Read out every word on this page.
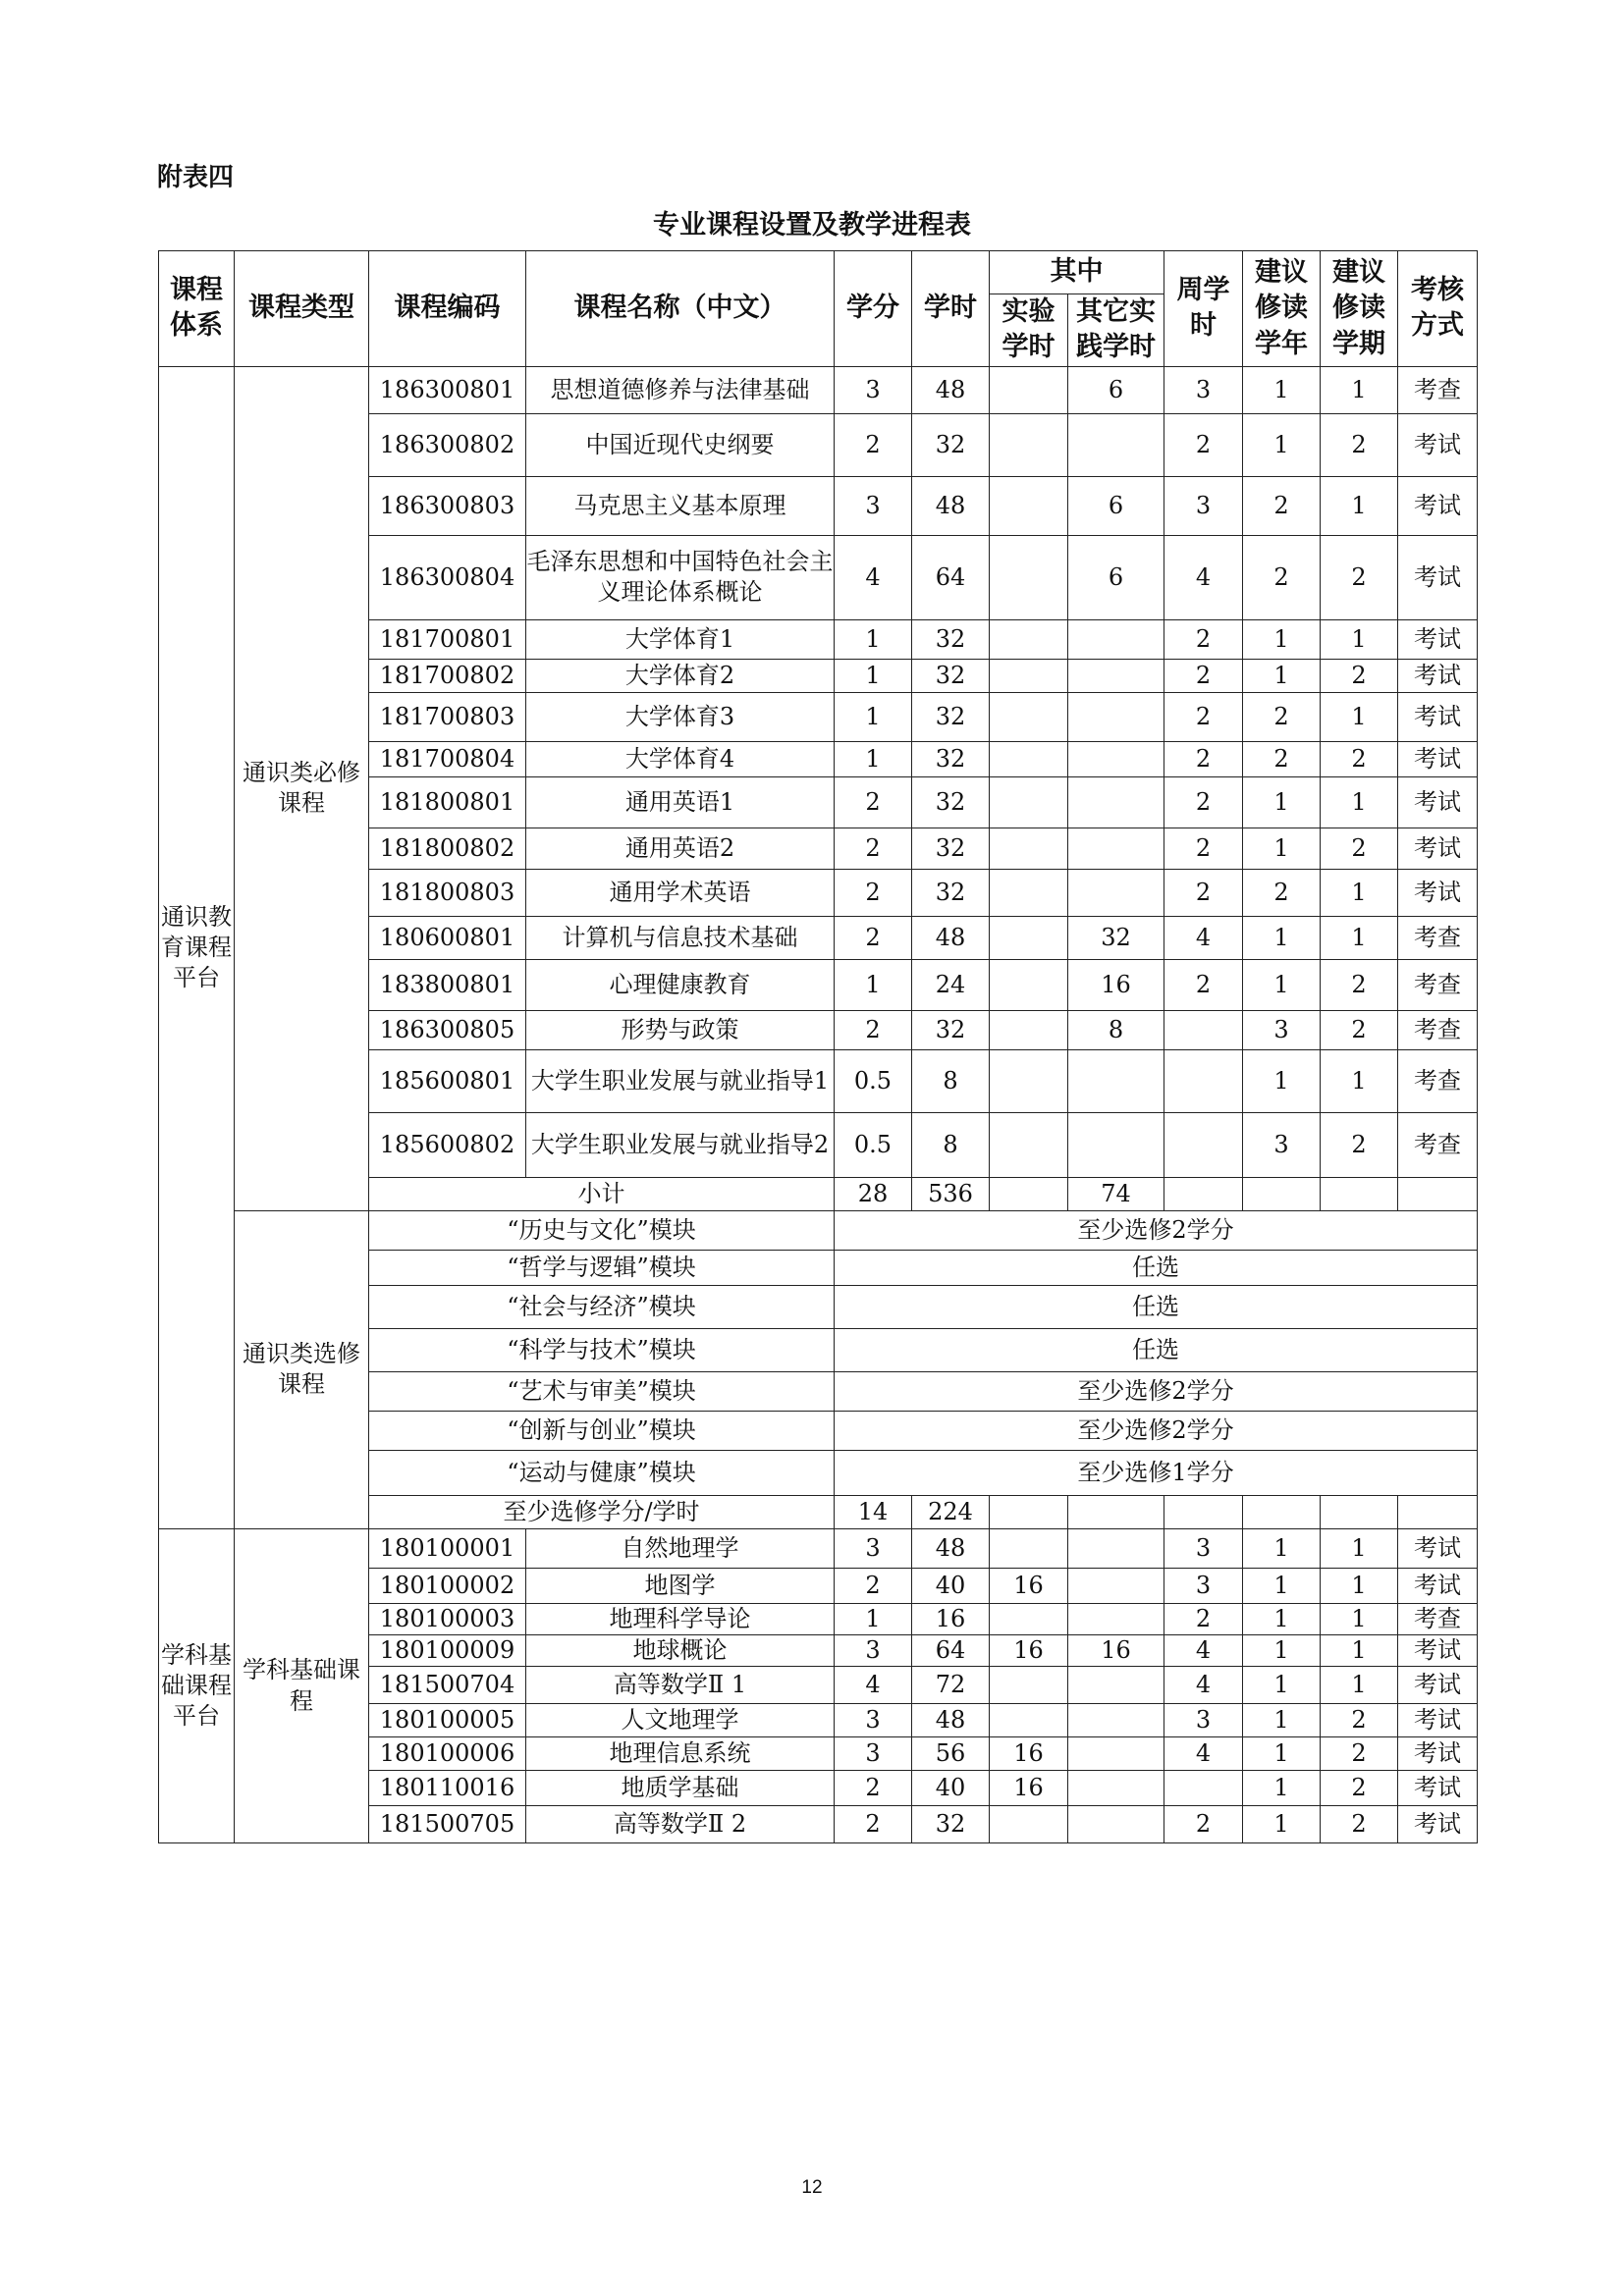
附表四
专业课程设置及教学进程表
课程体系	课程类型	课程编码	课程名称（中文）	学分	学时	其中		周学时	建议修读学年	建议修读学期	考核方式
						实验学时	其它实践学时				
通识教育课程平台	通识类必修课程	186300801	思想道德修养与法律基础	3	48		6	3	1	1	考查
		186300802	中国近现代史纲要	2	32			2	1	2	考试
		186300803	马克思主义基本原理	3	48		6	3	2	1	考试
		186300804	毛泽东思想和中国特色社会主义理论体系概论	4	64		6	4	2	2	考试
		181700801	大学体育1	1	32			2	1	1	考试
		181700802	大学体育2	1	32			2	1	2	考试
		181700803	大学体育3	1	32			2	2	1	考试
		181700804	大学体育4	1	32			2	2	2	考试
		181800801	通用英语1	2	32			2	1	1	考试
		181800802	通用英语2	2	32			2	1	2	考试
		181800803	通用学术英语	2	32			2	2	1	考试
		180600801	计算机与信息技术基础	2	48		32	4	1	1	考查
		183800801	心理健康教育	1	24		16	2	1	2	考查
		186300805	形势与政策	2	32		8		3	2	考查
		185600801	大学生职业发展与就业指导1	0.5	8				1	1	考查
		185600802	大学生职业发展与就业指导2	0.5	8				3	2	考查
		小计		28	536		74				
	通识类选修课程	“历史与文化”模块		至少选修2学分							
		“哲学与逻辑”模块		任选							
		“社会与经济”模块		任选							
		“科学与技术”模块		任选							
		“艺术与审美”模块		至少选修2学分							
		“创新与创业”模块		至少选修2学分							
		“运动与健康”模块		至少选修1学分							
		至少选修学分/学时		14	224						
学科基础课程平台	学科基础课程	180100001	自然地理学	3	48			3	1	1	考试
		180100002	地图学	2	40	16		3	1	1	考试
		180100003	地理科学导论	1	16			2	1	1	考查
		180100009	地球概论	3	64	16	16	4	1	1	考试
		181500704	高等数学Ⅱ 1	4	72			4	1	1	考试
		180100005	人文地理学	3	48			3	1	2	考试
		180100006	地理信息系统	3	56	16		4	1	2	考试
		180110016	地质学基础	2	40	16			1	2	考试
		181500705	高等数学Ⅱ 2	2	32			2	1	2	考试
12
